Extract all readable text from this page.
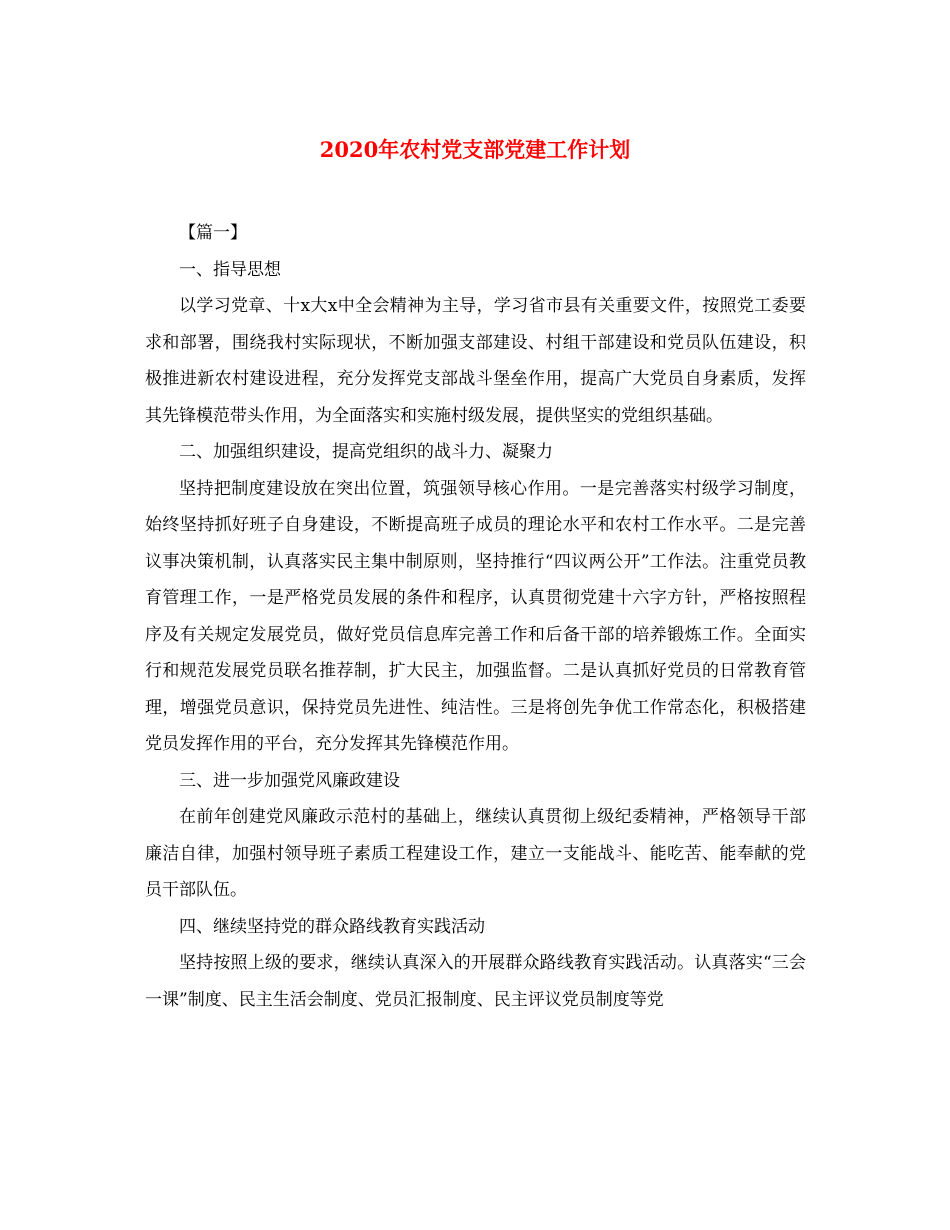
2020年农村党支部党建工作计划

【篇一】

一、指导思想

以学习党章、十x大x中全会精神为主导，学习省市县有关重要文件，按照党工委要求和部署，围绕我村实际现状，不断加强支部建设、村组干部建设和党员队伍建设，积极推进新农村建设进程，充分发挥党支部战斗堡垒作用，提高广大党员自身素质，发挥其先锋模范带头作用，为全面落实和实施村级发展，提供坚实的党组织基础。

二、加强组织建设，提高党组织的战斗力、凝聚力

坚持把制度建设放在突出位置，筑强领导核心作用。一是完善落实村级学习制度，始终坚持抓好班子自身建设，不断提高班子成员的理论水平和农村工作水平。二是完善议事决策机制，认真落实民主集中制原则，坚持推行“四议两公开”工作法。注重党员教育管理工作，一是严格党员发展的条件和程序，认真贯彻党建十六字方针，严格按照程序及有关规定发展党员，做好党员信息库完善工作和后备干部的培养锻炼工作。全面实行和规范发展党员联名推荐制，扩大民主，加强监督。二是认真抓好党员的日常教育管理，增强党员意识，保持党员先进性、纯洁性。三是将创先争优工作常态化，积极搭建党员发挥作用的平台，充分发挥其先锋模范作用。

三、进一步加强党风廉政建设

在前年创建党风廉政示范村的基础上，继续认真贯彻上级纪委精神，严格领导干部廉洁自律，加强村领导班子素质工程建设工作，建立一支能战斗、能吃苦、能奉献的党员干部队伍。

四、继续坚持党的群众路线教育实践活动

坚持按照上级的要求，继续认真深入的开展群众路线教育实践活动。认真落实“三会一课”制度、民主生活会制度、党员汇报制度、民主评议党员制度等党
